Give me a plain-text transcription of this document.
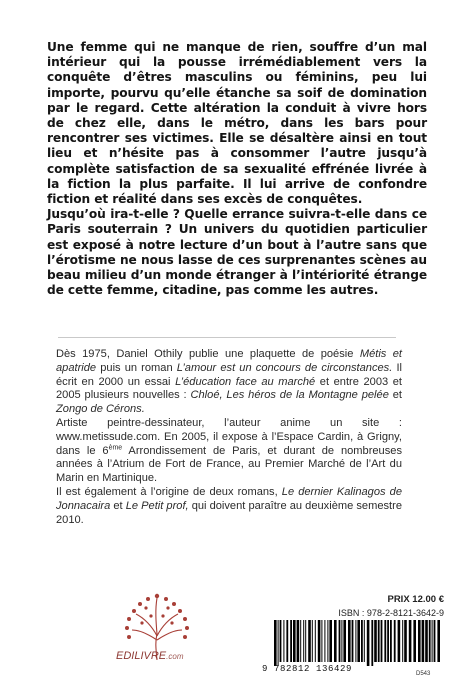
Une femme qui ne manque de rien, souffre d’un mal intérieur qui la pousse irrémédiablement vers la conquête d’êtres masculins ou féminins, peu lui importe, pourvu qu’elle étanche sa soif de domination par le regard. Cette altération la conduit à vivre hors de chez elle, dans le métro, dans les bars pour rencontrer ses victimes. Elle se désaltère ainsi en tout lieu et n’hésite pas à consommer l’autre jusqu’à complète satisfaction de sa sexualité effrénée livrée à la fiction la plus parfaite. Il lui arrive de confondre fiction et réalité dans ses excès de conquêtes.

Jusqu’où ira-t-elle ? Quelle errance suivra-t-elle dans ce Paris souterrain ? Un univers du quotidien particulier est exposé à notre lecture d’un bout à l’autre sans que l’érotisme ne nous lasse de ces surprenantes scènes au beau milieu d’un monde étranger à l’intériorité étrange de cette femme, citadine, pas comme les autres.

Dès 1975, Daniel Othily publie une plaquette de poésie Métis et apatride puis un roman L’amour est un concours de circonstances. Il écrit en 2000 un essai L’éducation face au marché et entre 2003 et 2005 plusieurs nouvelles : Chloé, Les héros de la Montagne pelée et Zongo de Cérons.

Artiste peintre-dessinateur, l’auteur anime un site : www.metissude.com. En 2005, il expose à l’Espace Cardin, à Grigny, dans le 6ème Arrondissement de Paris, et durant de nombreuses années à l’Atrium de Fort de France, au Premier Marché de l’Art du Marin en Martinique.

Il est également à l’origine de deux romans, Le dernier Kalinagos de Jonnacaira et Le Petit prof, qui doivent paraître au deuxième semestre 2010.

EDILIVRE.com
PRIX 12.00 €
ISBN : 978-2-8121-3642-9
9 782812 136429	D543
